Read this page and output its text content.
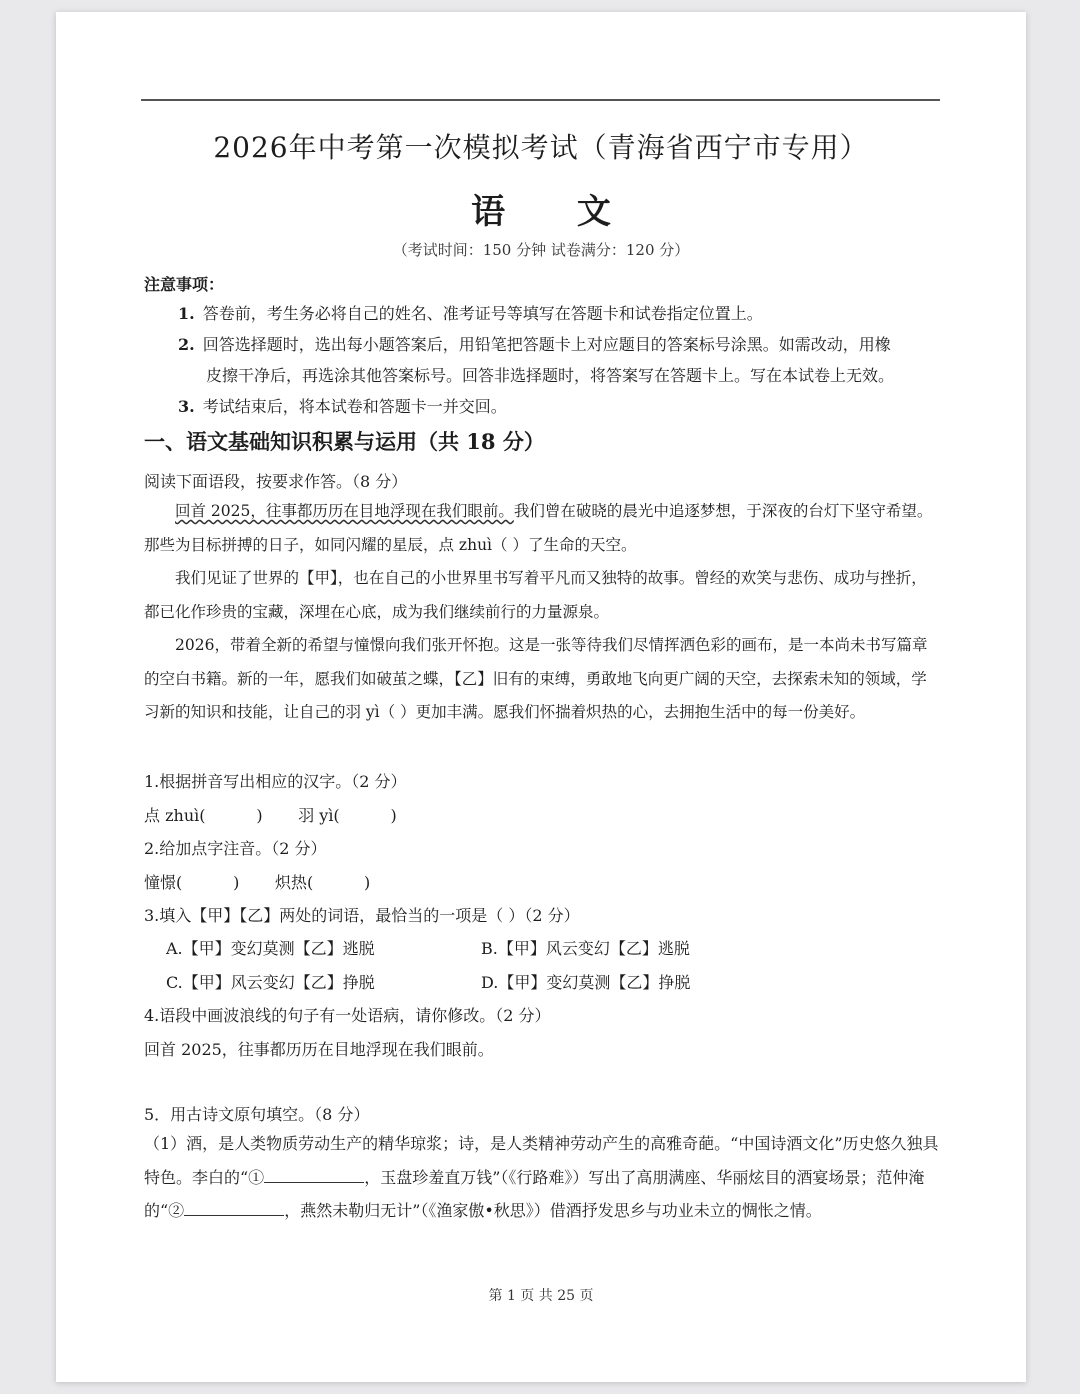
2026年中考第一次模拟考试（青海省西宁市专用）
语 文
（考试时间：150 分钟 试卷满分：120 分）
注意事项：
1. 答卷前，考生务必将自己的姓名、准考证号等填写在答题卡和试卷指定位置上。
2. 回答选择题时，选出每小题答案后，用铅笔把答题卡上对应题目的答案标号涂黑。如需改动，用橡
皮擦干净后，再选涂其他答案标号。回答非选择题时，将答案写在答题卡上。写在本试卷上无效。
3. 考试结束后，将本试卷和答题卡一并交回。
一、语文基础知识积累与运用（共 18 分）
阅读下面语段，按要求作答。（8 分）
回首 2025，往事都历历在目地浮现在我们眼前。我们曾在破晓的晨光中追逐梦想，于深夜的台灯下坚守希望。那些为目标拼搏的日子，如同闪耀的星辰，点 zhuì（ ）了生命的天空。
我们见证了世界的【甲】，也在自己的小世界里书写着平凡而又独特的故事。曾经的欢笑与悲伤、成功与挫折，都已化作珍贵的宝藏，深埋在心底，成为我们继续前行的力量源泉。
2026，带着全新的希望与憧憬向我们张开怀抱。这是一张等待我们尽情挥洒色彩的画布，是一本尚未书写篇章的空白书籍。新的一年，愿我们如破茧之蝶，【乙】旧有的束缚，勇敢地飞向更广阔的天空，去探索未知的领域，学习新的知识和技能，让自己的羽 yì（ ）更加丰满。愿我们怀揣着炽热的心，去拥抱生活中的每一份美好。
1.根据拼音写出相应的汉字。（2 分）
点 zhuì(          )       羽 yì(          )
2.给加点字注音。（2 分）
憧憬(          )       炽热(          )
3.填入【甲】【乙】两处的词语，最恰当的一项是（ ）（2 分）
A.【甲】变幻莫测【乙】逃脱	B.【甲】风云变幻【乙】逃脱
C.【甲】风云变幻【乙】挣脱	D.【甲】变幻莫测【乙】挣脱
4.语段中画波浪线的句子有一处语病，请你修改。（2 分）
回首 2025，往事都历历在目地浮现在我们眼前。
5．用古诗文原句填空。（8 分）
（1）酒，是人类物质劳动生产的精华琼浆；诗，是人类精神劳动产生的高雅奇葩。“中国诗酒文化”历史悠久独具特色。李白的“①	，玉盘珍羞直万钱”（《行路难》）写出了高朋满座、华丽炫目的酒宴场景；范仲淹的“②	，燕然未勒归无计”（《渔家傲•秋思》）借酒抒发思乡与功业未立的惆怅之情。
第 1 页 共 25 页
